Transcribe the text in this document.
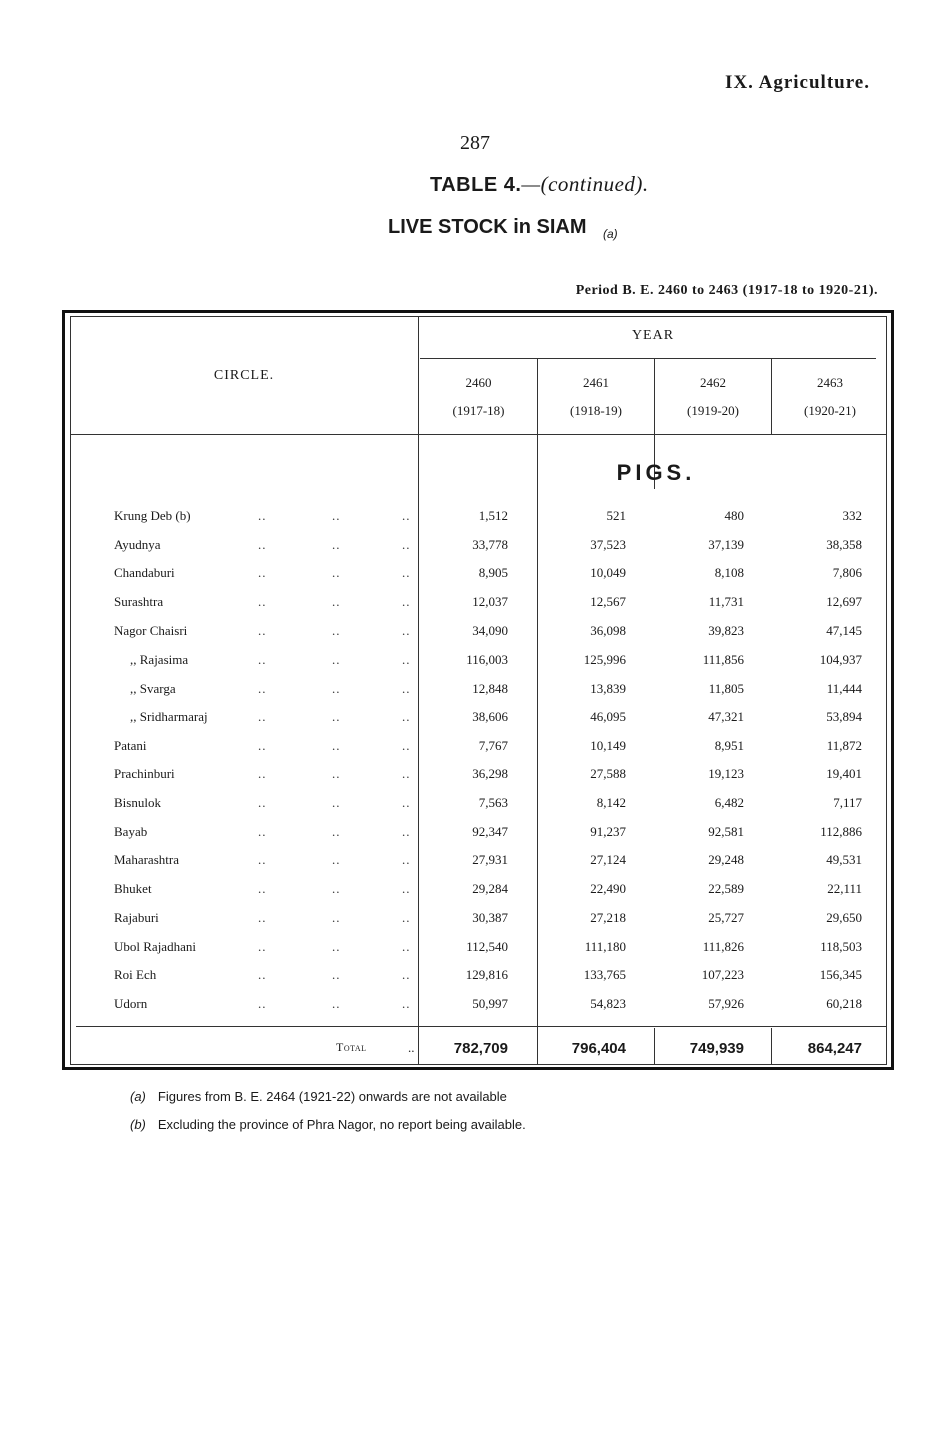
IX. Agriculture.
287
TABLE 4.—(continued).
LIVE STOCK in SIAM (a)
Period B. E. 2460 to 2463 (1917-18 to 1920-21).
CIRCLE.
YEAR
2460
(1917-18)
2461
(1918-19)
2462
(1919-20)
2463
(1920-21)
PIGS.
Krung Deb (b)	..	..	..	1,512	521	480	332
Ayudnya	..	..	..	33,778	37,523	37,139	38,358
Chandaburi	..	..	..	8,905	10,049	8,108	7,806
Surashtra	..	..	..	12,037	12,567	11,731	12,697
Nagor Chaisri	..	..	..	34,090	36,098	39,823	47,145
,, Rajasima	..	..	..	116,003	125,996	111,856	104,937
,, Svarga	..	..	..	12,848	13,839	11,805	11,444
,, Sridharmaraj	..	..	..	38,606	46,095	47,321	53,894
Patani	..	..	..	7,767	10,149	8,951	11,872
Prachinburi	..	..	..	36,298	27,588	19,123	19,401
Bisnulok	..	..	..	7,563	8,142	6,482	7,117
Bayab	..	..	..	92,347	91,237	92,581	112,886
Maharashtra	..	..	..	27,931	27,124	29,248	49,531
Bhuket	..	..	..	29,284	22,490	22,589	22,111
Rajaburi	..	..	..	30,387	27,218	25,727	29,650
Ubol Rajadhani	..	..	..	112,540	111,180	111,826	118,503
Roi Ech	..	..	..	129,816	133,765	107,223	156,345
Udorn	..	..	..	50,997	54,823	57,926	60,218
Total	..	782,709	796,404	749,939	864,247
(a) Figures from B. E. 2464 (1921-22) onwards are not available
(b) Excluding the province of Phra Nagor, no report being available.
